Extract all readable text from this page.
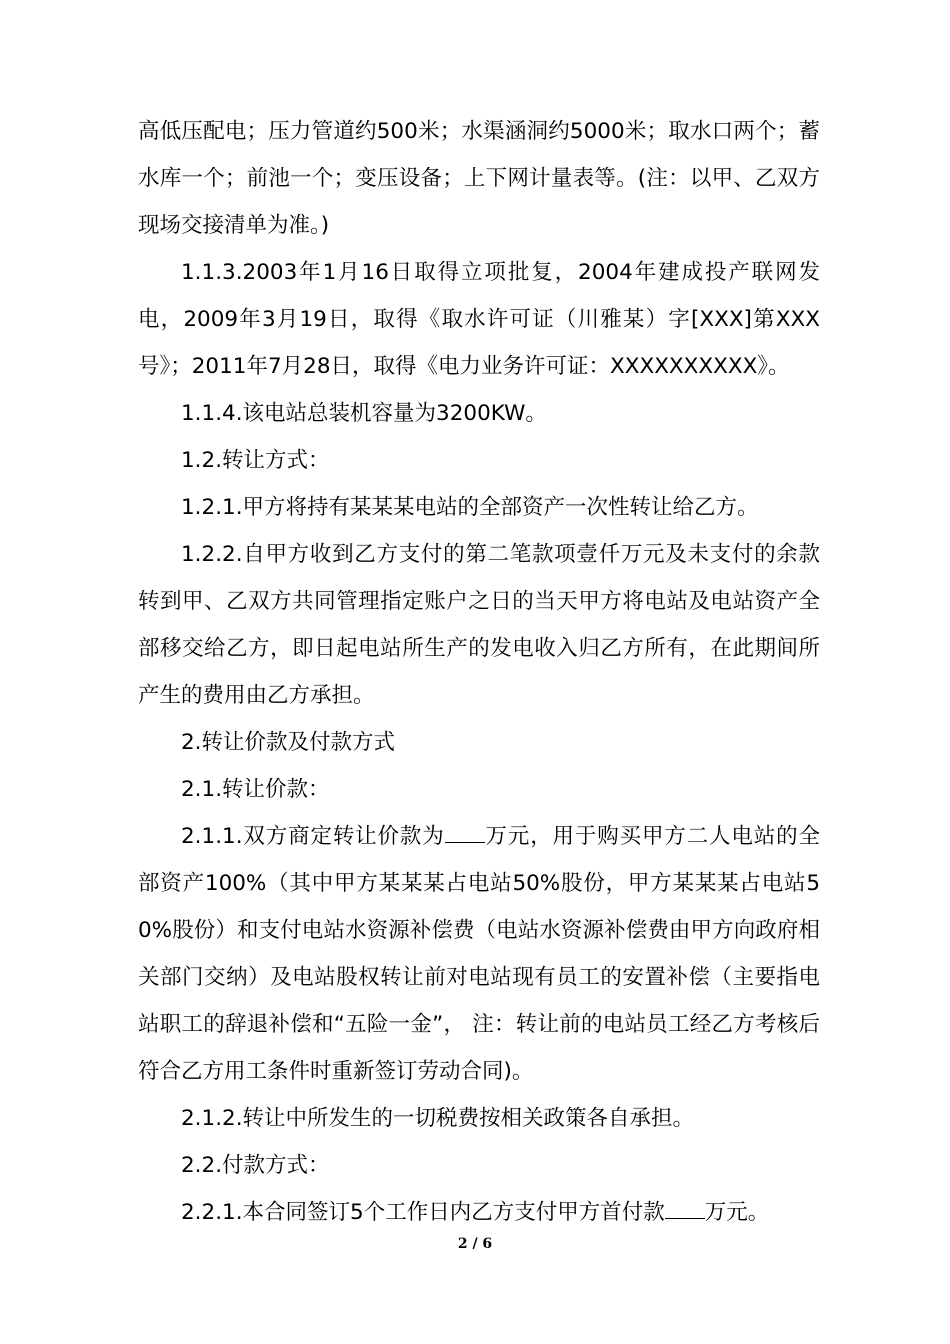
高低压配电；压力管道约500米；水渠涵洞约5000米；取水口两个；蓄水库一个；前池一个；变压设备；上下网计量表等。(注：以甲、乙双方现场交接清单为准。)

1.1.3.2003年1月16日取得立项批复，2004年建成投产联网发电，2009年3月19日，取得《取水许可证（川雅某）字[XXX]第XXX号》；2011年7月28日，取得《电力业务许可证：XXXXXXXXXX》。

1.1.4.该电站总装机容量为3200KW。

1.2.转让方式：

1.2.1.甲方将持有某某某电站的全部资产一次性转让给乙方。

1.2.2.自甲方收到乙方支付的第二笔款项壹仟万元及未支付的余款转到甲、乙双方共同管理指定账户之日的当天甲方将电站及电站资产全部移交给乙方，即日起电站所生产的发电收入归乙方所有，在此期间所产生的费用由乙方承担。

2.转让价款及付款方式

2.1.转让价款：

2.1.1.双方商定转让价款为 万元，用于购买甲方二人电站的全部资产100%（其中甲方某某某占电站50%股份，甲方某某某占电站50%股份）和支付电站水资源补偿费（电站水资源补偿费由甲方向政府相关部门交纳）及电站股权转让前对电站现有员工的安置补偿（主要指电站职工的辞退补偿和“五险一金”， 注：转让前的电站员工经乙方考核后符合乙方用工条件时重新签订劳动合同)。

2.1.2.转让中所发生的一切税费按相关政策各自承担。

2.2.付款方式：

2.2.1.本合同签订5个工作日内乙方支付甲方首付款 万元。

2 / 6
